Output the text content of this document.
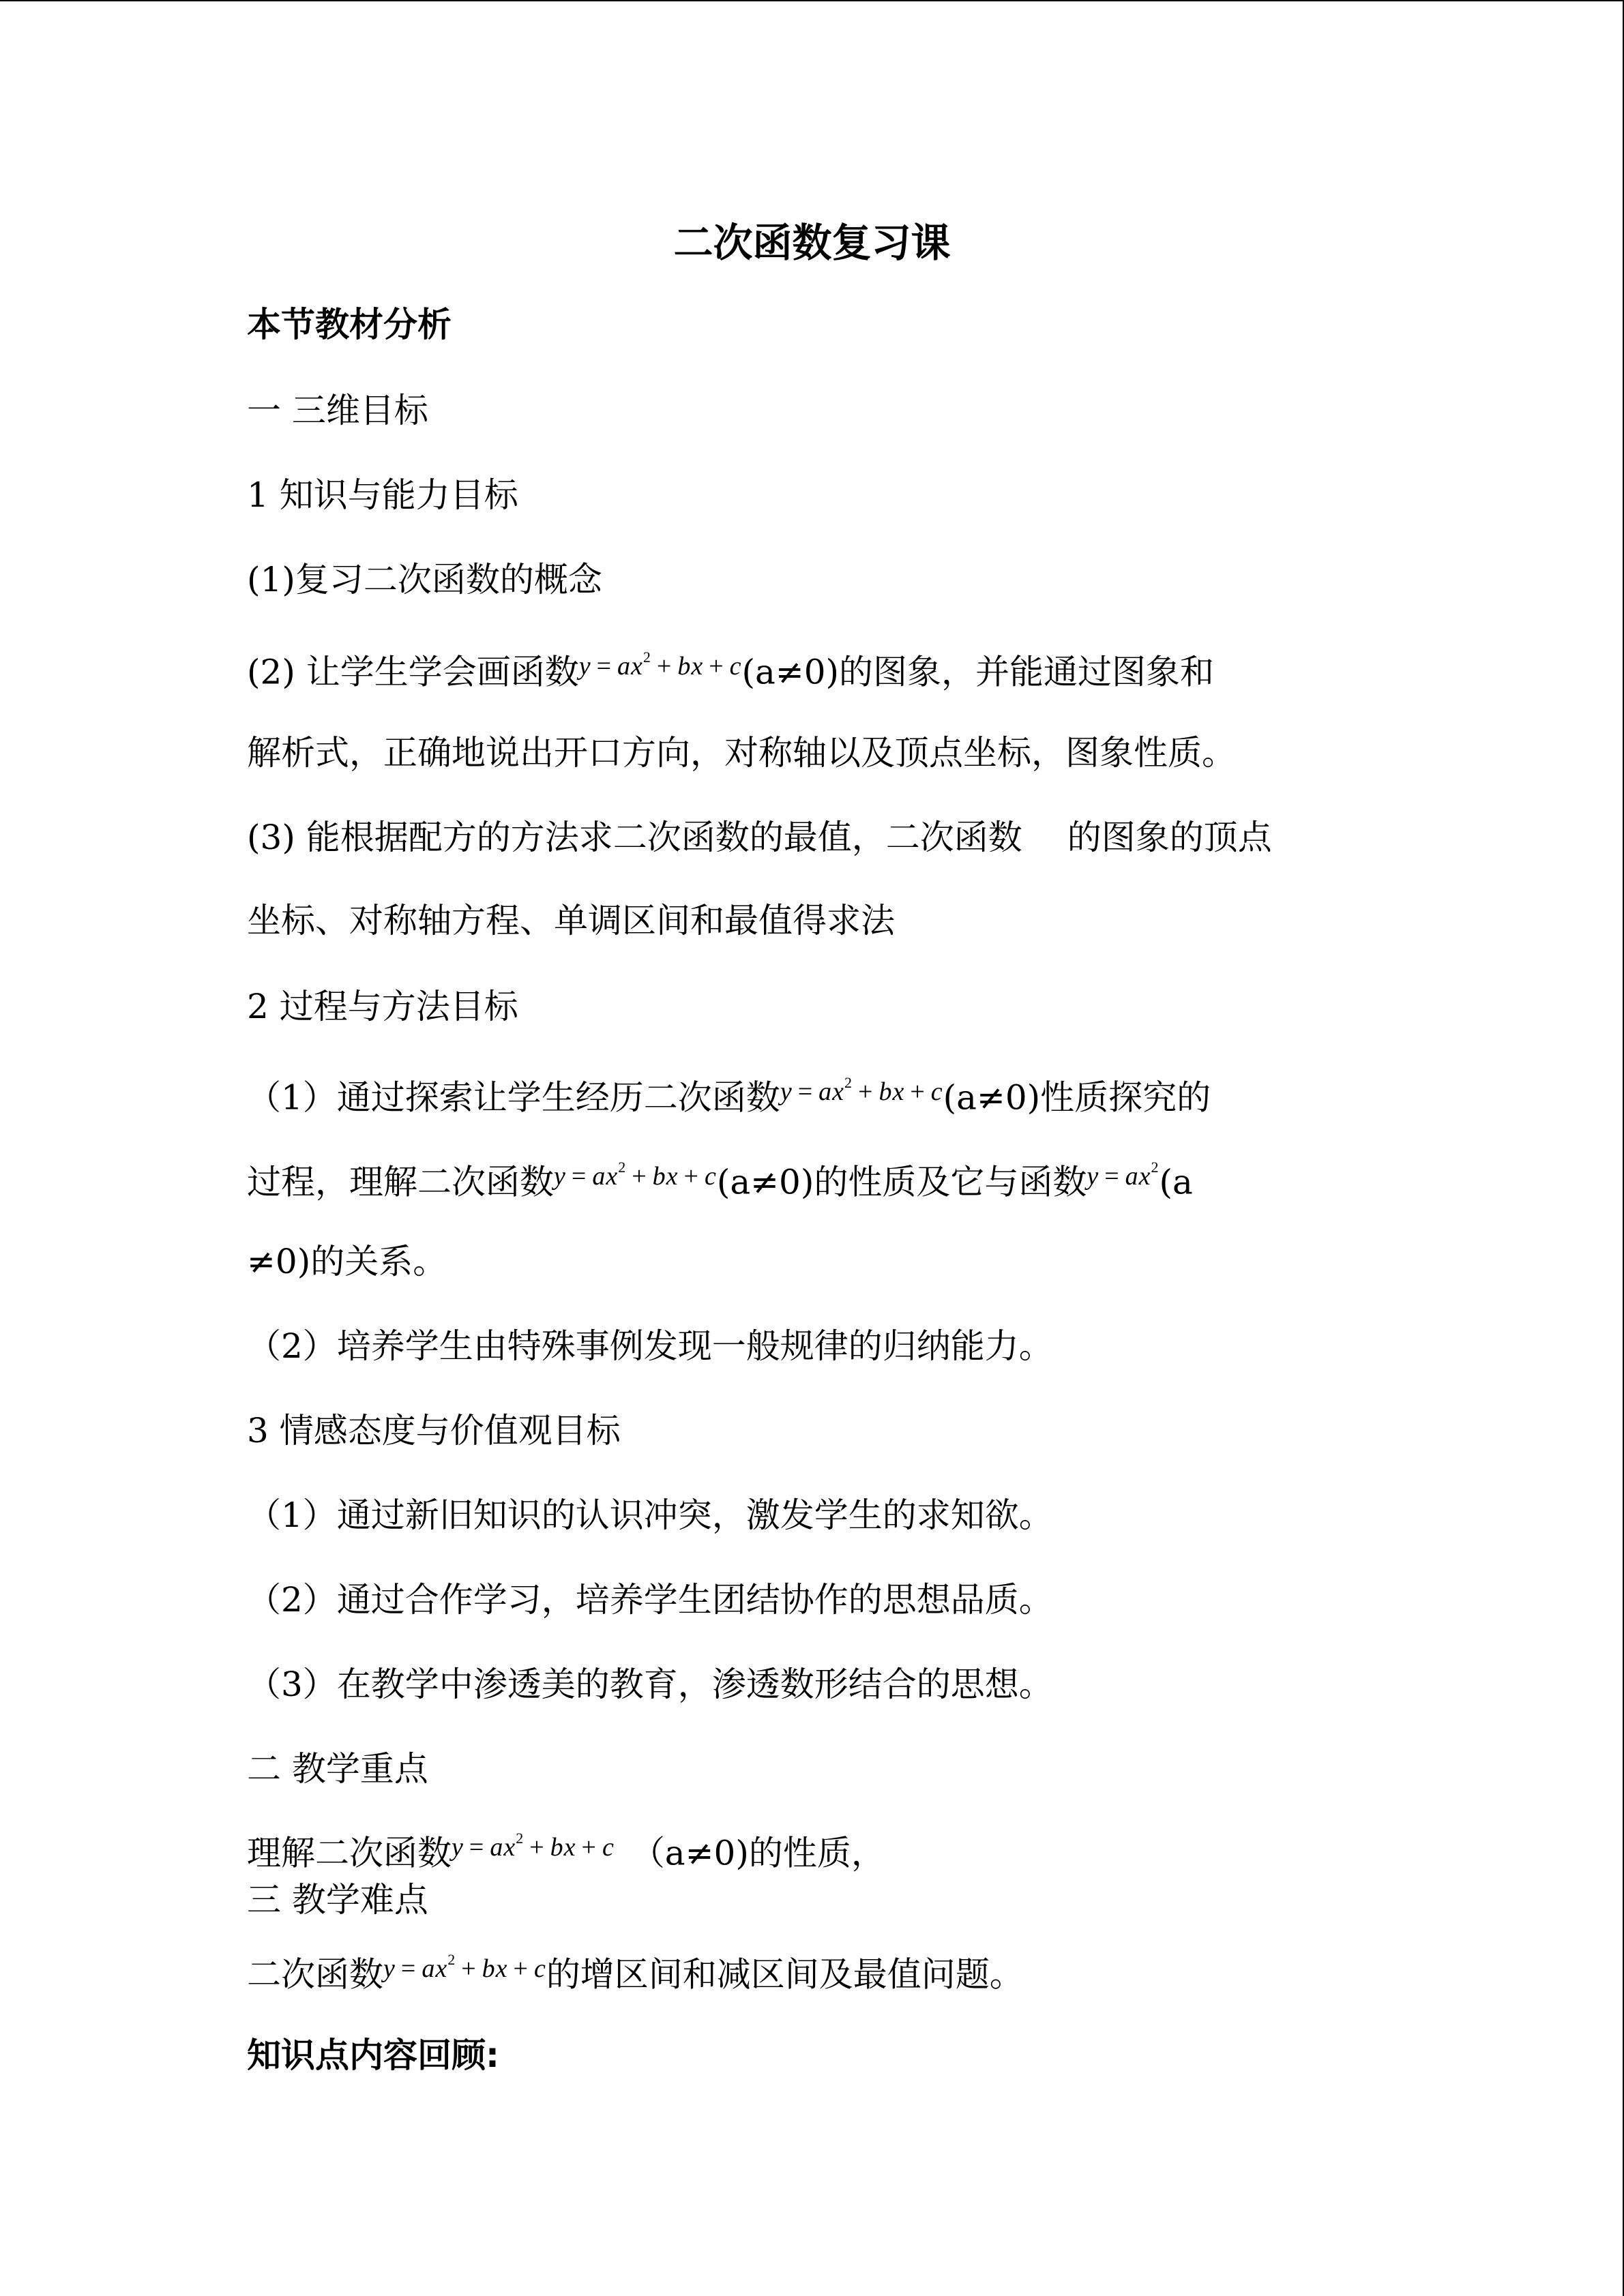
二次函数复习课
本节教材分析
一 三维目标
1 知识与能力目标
(1)复习二次函数的概念
(2) 让学生学会画函数$^{y = ax^2 + bx + c}$(a≠0)的图象，并能通过图象和
解析式，正确地说出开口方向，对称轴以及顶点坐标，图象性质。
(3) 能根据配方的方法求二次函数的最值，二次函数 的图象的顶点
坐标、对称轴方程、单调区间和最值得求法
2 过程与方法目标
（1）通过探索让学生经历二次函数$^{y = ax^2 + bx + c}$(a≠0)性质探究的
过程，理解二次函数$^{y = ax^2 + bx + c}$(a≠0)的性质及它与函数$^{y = ax^2}$(a
≠0)的关系。
（2）培养学生由特殊事例发现一般规律的归纳能力。
3 情感态度与价值观目标
（1）通过新旧知识的认识冲突，激发学生的求知欲。
（2）通过合作学习，培养学生团结协作的思想品质。
（3）在教学中渗透美的教育，渗透数形结合的思想。
二 教学重点
理解二次函数$^{y = ax^2 + bx + c}$ （a≠0)的性质，
三 教学难点
二次函数$^{y = ax^2 + bx + c}$的增区间和减区间及最值问题。
知识点内容回顾:
